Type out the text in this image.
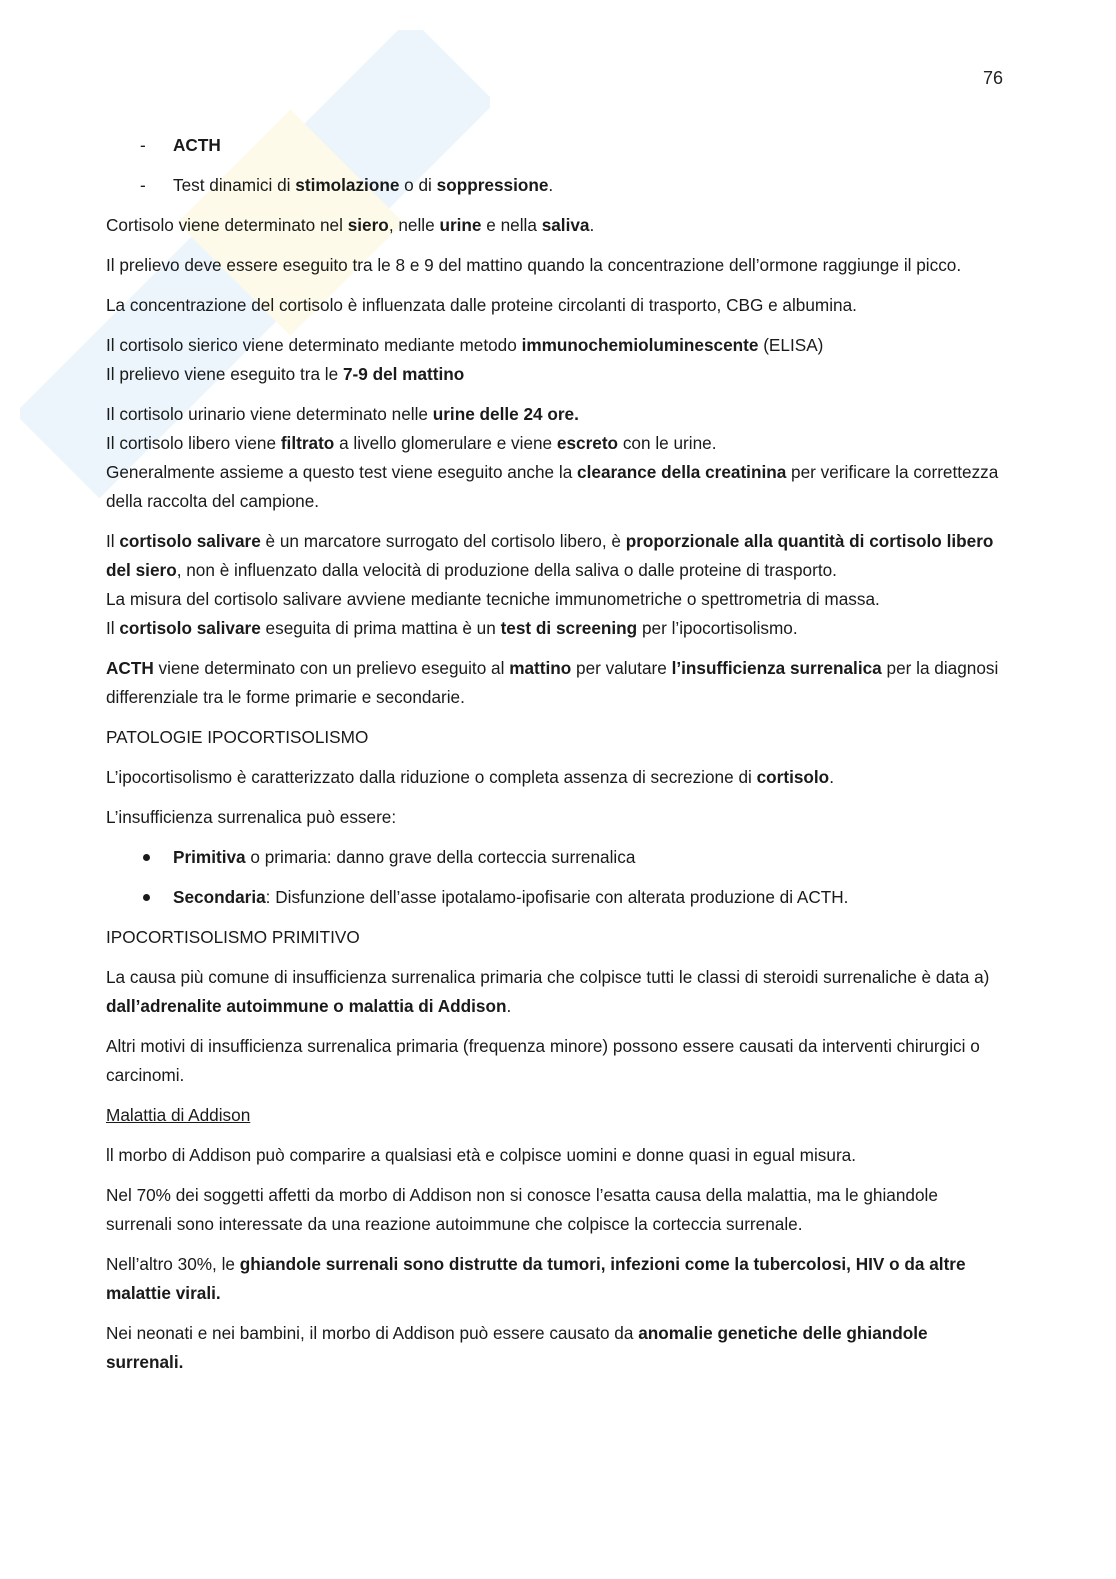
76
- ACTH
- Test dinamici di stimolazione o di soppressione.

Cortisolo viene determinato nel siero, nelle urine e nella saliva.

Il prelievo deve essere eseguito tra le 8 e 9 del mattino quando la concentrazione dell’ormone raggiunge il picco.

La concentrazione del cortisolo è influenzata dalle proteine circolanti di trasporto, CBG e albumina.

Il cortisolo sierico viene determinato mediante metodo immunochemioluminescente (ELISA)
Il prelievo viene eseguito tra le 7-9 del mattino

Il cortisolo urinario viene determinato nelle urine delle 24 ore.
Il cortisolo libero viene filtrato a livello glomerulare e viene escreto con le urine.
Generalmente assieme a questo test viene eseguito anche la clearance della creatinina per verificare la correttezza della raccolta del campione.

Il cortisolo salivare è un marcatore surrogato del cortisolo libero, è proporzionale alla quantità di cortisolo libero del siero, non è influenzato dalla velocità di produzione della saliva o dalle proteine di trasporto.
La misura del cortisolo salivare avviene mediante tecniche immunometriche o spettrometria di massa.
Il cortisolo salivare eseguita di prima mattina è un test di screening per l’ipocortisolismo.

ACTH viene determinato con un prelievo eseguito al mattino per valutare l’insufficienza surrenalica per la diagnosi differenziale tra le forme primarie e secondarie.

PATOLOGIE IPOCORTISOLISMO

L’ipocortisolismo è caratterizzato dalla riduzione o completa assenza di secrezione di cortisolo.

L’insufficienza surrenalica può essere:

Primitiva o primaria: danno grave della corteccia surrenalica
Secondaria: Disfunzione dell’asse ipotalamo-ipofisarie con alterata produzione di ACTH.

IPOCORTISOLISMO PRIMITIVO

La causa più comune di insufficienza surrenalica primaria che colpisce tutti le classi di steroidi surrenaliche è data a) dall’adrenalite autoimmune o malattia di Addison.

Altri motivi di insufficienza surrenalica primaria (frequenza minore) possono essere causati da interventi chirurgici o carcinomi.

Malattia di Addison

ll morbo di Addison può comparire a qualsiasi età e colpisce uomini e donne quasi in egual misura.

Nel 70% dei soggetti affetti da morbo di Addison non si conosce l’esatta causa della malattia, ma le ghiandole surrenali sono interessate da una reazione autoimmune che colpisce la corteccia surrenale.

Nell’altro 30%, le ghiandole surrenali sono distrutte da tumori, infezioni come la tubercolosi, HIV o da altre malattie virali.

Nei neonati e nei bambini, il morbo di Addison può essere causato da anomalie genetiche delle ghiandole surrenali.
